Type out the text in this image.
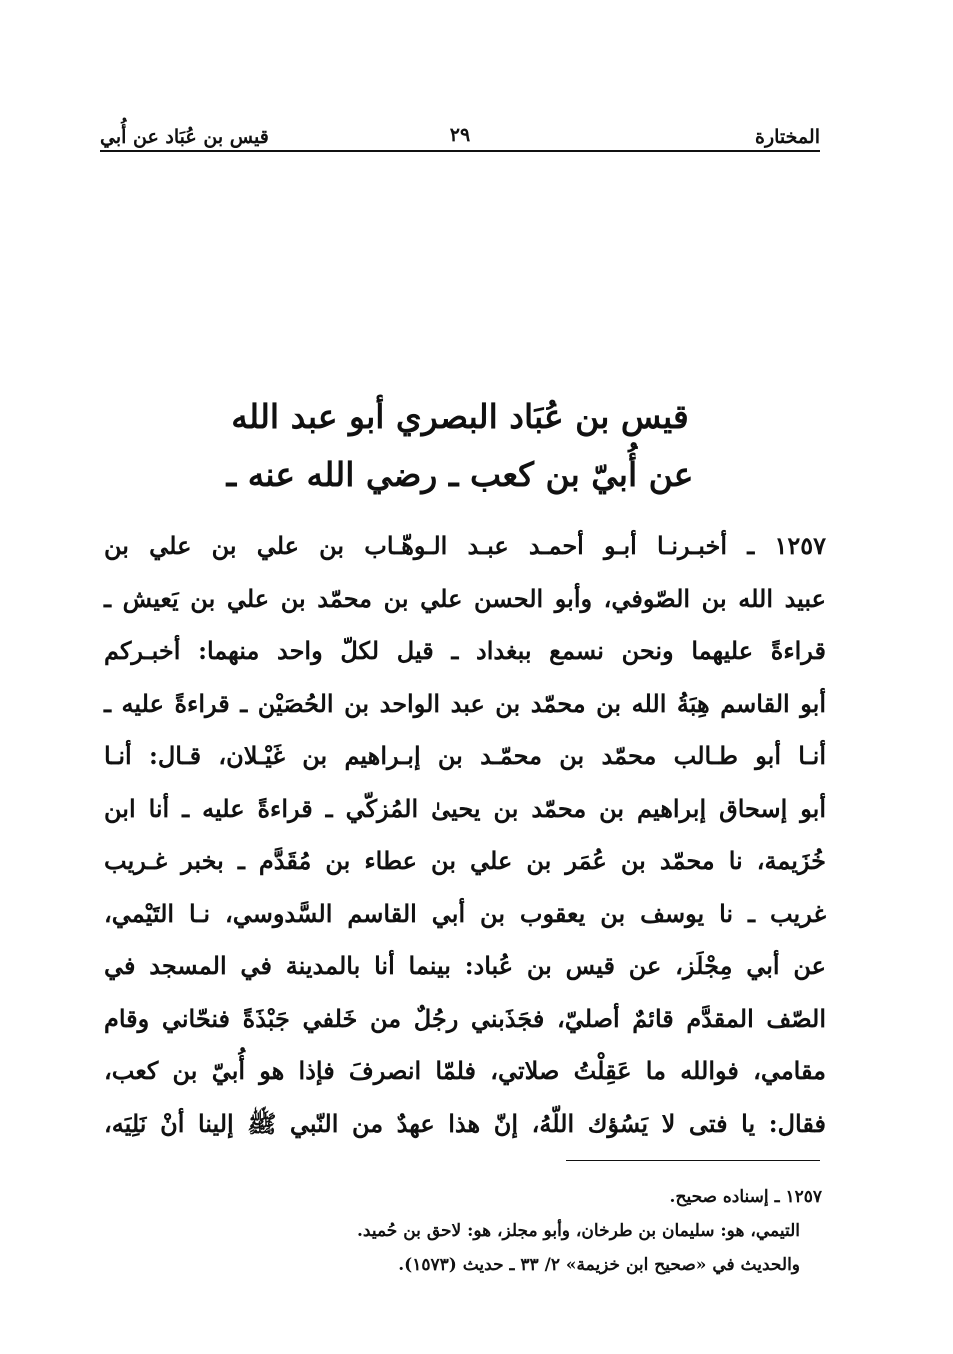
المختارة
٢٩
قيس بن عُبَاد عن أُبي
قيس بن عُبَاد البصري أبو عبد الله
عن أُبيّ بن كعب ـ رضي الله عنه ـ
١٢٥٧ ـ أخبـرنـا أبـو أحمـد عبـد الـوهّـاب بن علي بن علي بن
عبيد الله بن الصّوفي، وأبو الحسن علي بن محمّد بن علي بن يَعيش ـ
قراءةً عليهما ونحن نسمع ببغداد ـ قيل لكلّ واحد منهما: أخبـركم
أبو القاسم هِبَةُ الله بن محمّد بن عبد الواحد بن الحُصَيْن ـ قراءةً عليه ـ
أنـا أبو طـالب محمّد بن محمّـد بن إبـراهيم بن غَيْـلان، قـال: أنـا
أبو إسحاق إبراهيم بن محمّد بن يحيىٰ المُزكّي ـ قراءةً عليه ـ أنا ابن
خُزَيمة، نا محمّد بن عُمَر بن علي بن عطاء بن مُقَدَّم ـ بخبر غـريب
غريب ـ نا يوسف بن يعقوب بن أبي القاسم السَّدوسي، نـا التَيْمي،
عن أبي مِجْلَز، عن قيس بن عُباد: بينما أنا بالمدينة في المسجد في
الصّف المقدَّم قائمٌ أصليّ، فجَذَبني رجُلٌ من خَلفي جَبْذَةً فنحّاني وقام
مقامي، فوالله ما عَقِلْتُ صلاتي، فلمّا انصرفَ فإذا هو أُبيّ بن كعب،
فقال: يا فتى لا يَسُؤك اللّهُ، إنّ هذا عهدٌ من النّبي ﷺ إلينا أنْ نَلِيَه،
١٢٥٧ ـ إسناده صحيح.
التيمي، هو: سليمان بن طرخان، وأبو مجلز، هو: لاحق بن حُميد.
والحديث في «صحيح ابن خزيمة» ٢/ ٣٣ ـ حديث (١٥٧٣).
